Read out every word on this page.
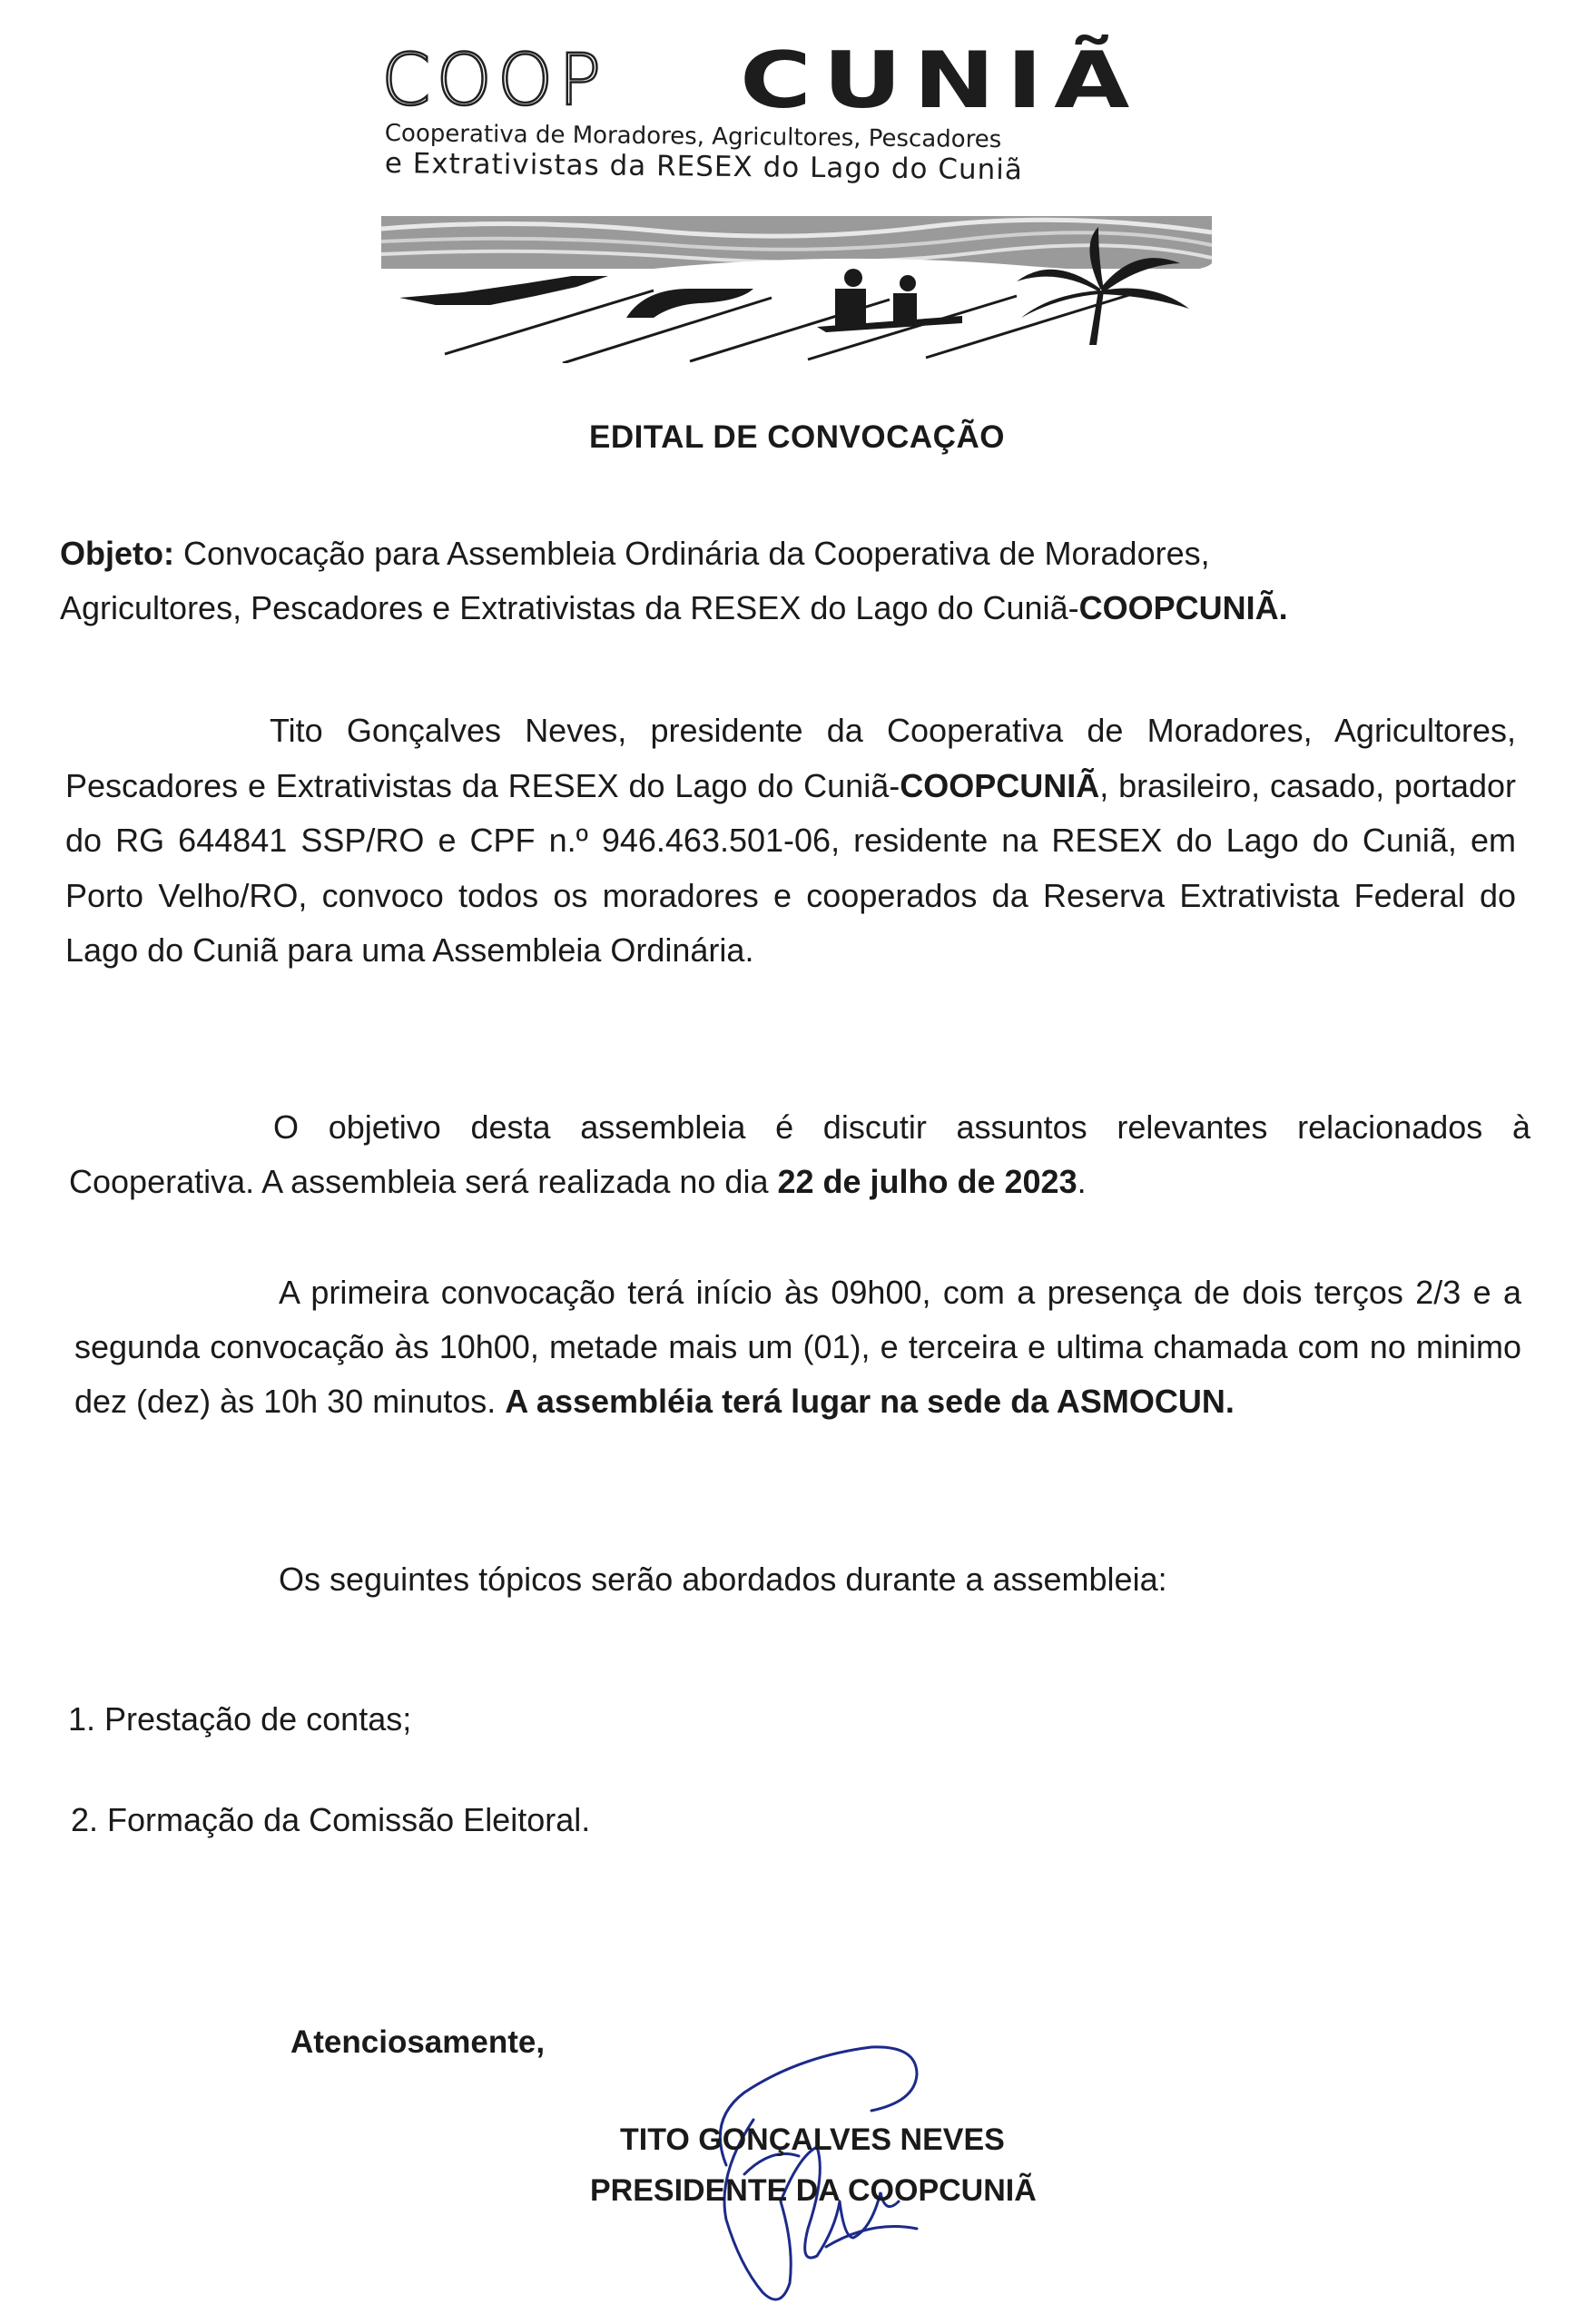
COOP CUNIÃ
Cooperativa de Moradores, Agricultores, Pescadores
e Extrativistas da RESEX do Lago do Cuniã
EDITAL DE CONVOCAÇÃO
Objeto: Convocação para Assembleia Ordinária da Cooperativa de Moradores, Agricultores, Pescadores e Extrativistas da RESEX do Lago do Cuniã-COOPCUNIÃ.
Tito Gonçalves Neves, presidente da Cooperativa de Moradores, Agricultores, Pescadores e Extrativistas da RESEX do Lago do Cuniã-COOPCUNIÃ, brasileiro, casado, portador do RG 644841 SSP/RO e CPF n.º 946.463.501-06, residente na RESEX do Lago do Cuniã, em Porto Velho/RO, convoco todos os moradores e cooperados da Reserva Extrativista Federal do Lago do Cuniã para uma Assembleia Ordinária.
O objetivo desta assembleia é discutir assuntos relevantes relacionados à Cooperativa. A assembleia será realizada no dia 22 de julho de 2023.
A primeira convocação terá início às 09h00, com a presença de dois terços 2/3 e a segunda convocação às 10h00, metade mais um (01), e terceira e ultima chamada com no minimo dez (dez) às 10h 30 minutos. A assembléia terá lugar na sede da ASMOCUN.
Os seguintes tópicos serão abordados durante a assembleia:
1. Prestação de contas;
2. Formação da Comissão Eleitoral.
Atenciosamente,
TITO GONÇALVES NEVES
PRESIDENTE DA COOPCUNIÃ
